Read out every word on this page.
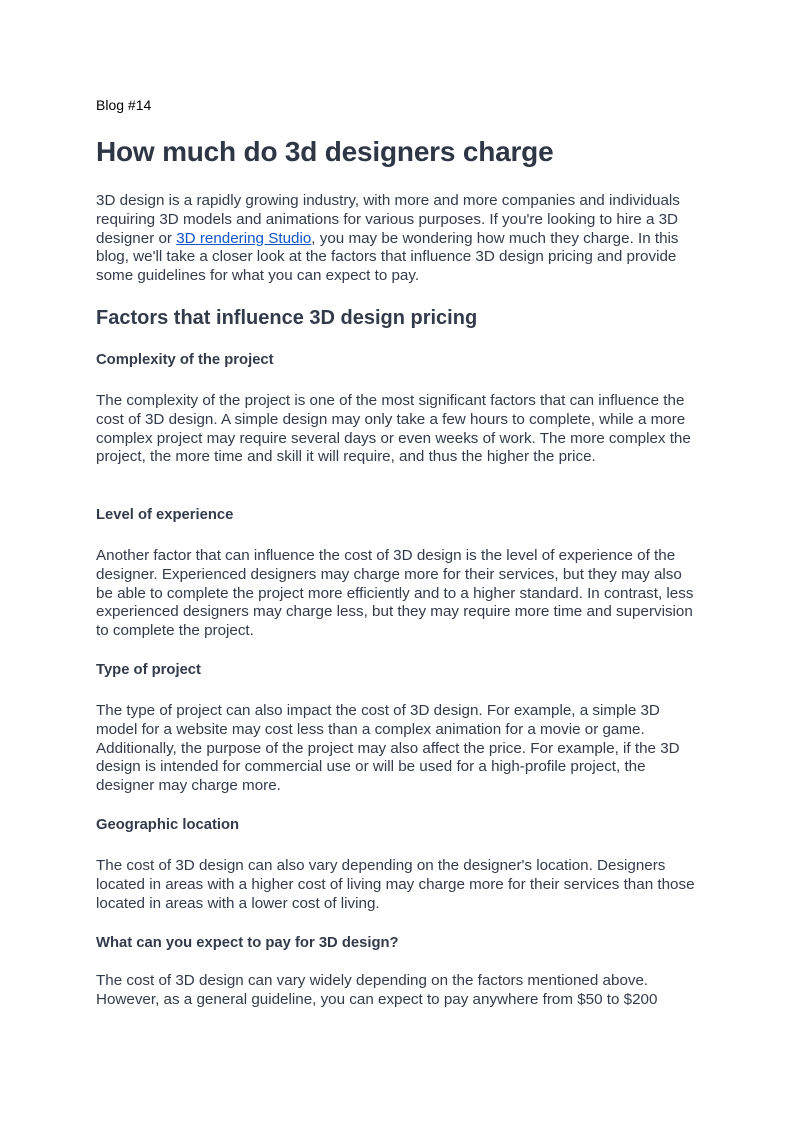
Blog #14
How much do 3d designers charge

3D design is a rapidly growing industry, with more and more companies and individuals requiring 3D models and animations for various purposes. If you're looking to hire a 3D designer or 3D rendering Studio, you may be wondering how much they charge. In this blog, we'll take a closer look at the factors that influence 3D design pricing and provide some guidelines for what you can expect to pay.

Factors that influence 3D design pricing
Complexity of the project

The complexity of the project is one of the most significant factors that can influence the cost of 3D design. A simple design may only take a few hours to complete, while a more complex project may require several days or even weeks of work. The more complex the project, the more time and skill it will require, and thus the higher the price.

Level of experience

Another factor that can influence the cost of 3D design is the level of experience of the designer. Experienced designers may charge more for their services, but they may also be able to complete the project more efficiently and to a higher standard. In contrast, less experienced designers may charge less, but they may require more time and supervision to complete the project.

Type of project

The type of project can also impact the cost of 3D design. For example, a simple 3D model for a website may cost less than a complex animation for a movie or game. Additionally, the purpose of the project may also affect the price. For example, if the 3D design is intended for commercial use or will be used for a high-profile project, the designer may charge more.

Geographic location

The cost of 3D design can also vary depending on the designer's location. Designers located in areas with a higher cost of living may charge more for their services than those located in areas with a lower cost of living.

What can you expect to pay for 3D design?

The cost of 3D design can vary widely depending on the factors mentioned above. However, as a general guideline, you can expect to pay anywhere from $50 to $200
